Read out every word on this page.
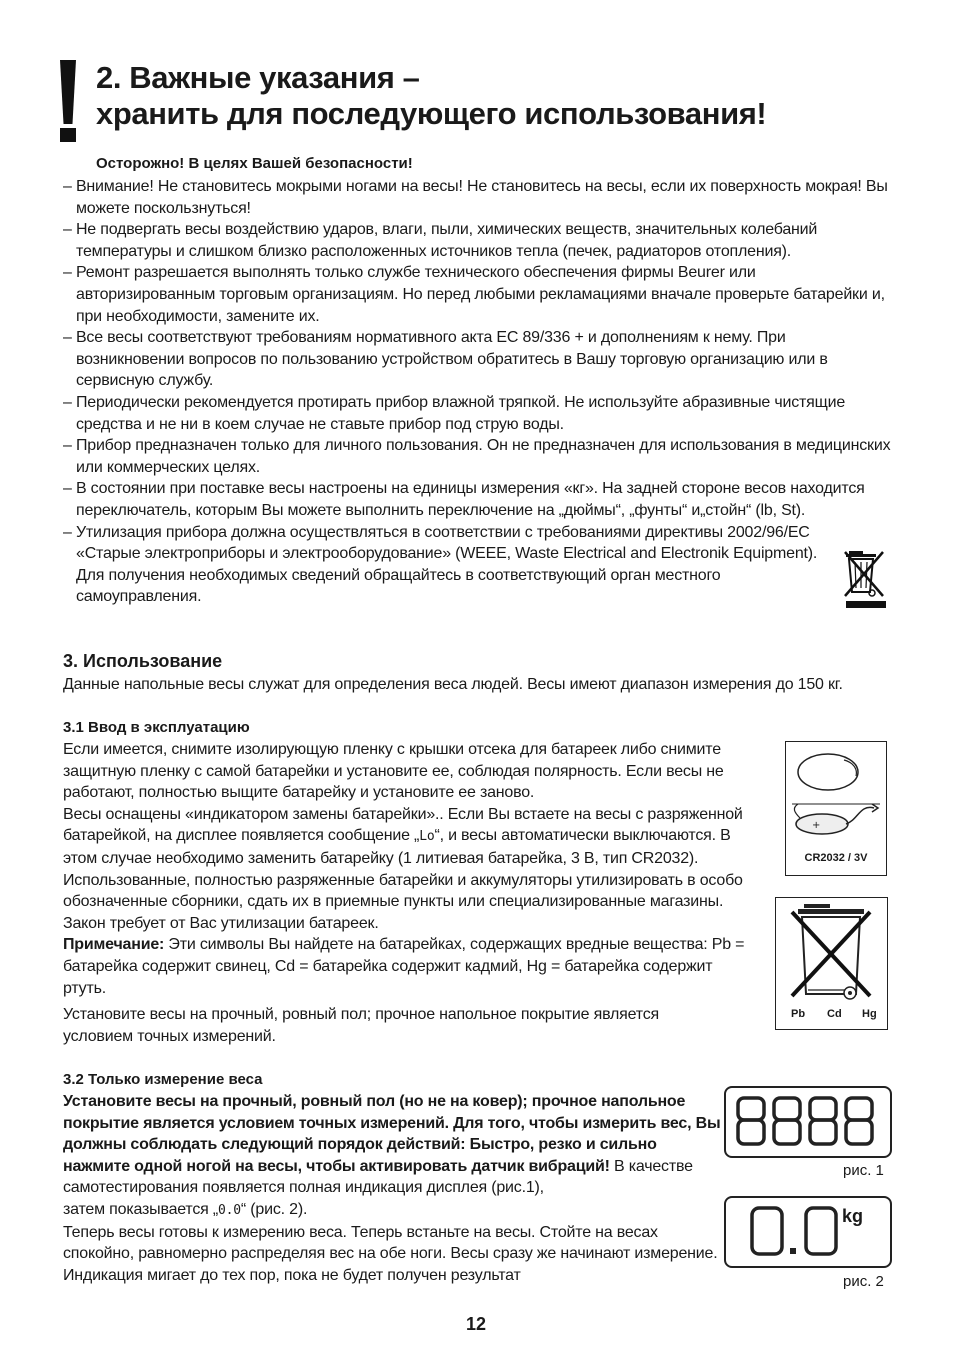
2. Важные указания –
хранить для последующего использования!
Осторожно! В целях Вашей безопасности!
– Внимание! Не становитесь мокрыми ногами на весы! Не становитесь на весы, если их поверхность мокрая! Вы можете поскользнуться!
– Не подвергать весы воздействию ударов, влаги, пыли, химических веществ, значительных колебаний температуры и слишком близко расположенных источников тепла (печек, радиаторов отопления).
– Ремонт разрешается выполнять только службе технического обеспечения фирмы Beurer или авторизированным торговым организациям. Но перед любыми рекламациями вначале проверьте батарейки и, при необходимости, замените их.
– Все весы соответствуют требованиям нормативного акта ЕС 89/336 + и дополнениям к нему. При возникновении вопросов по пользованию устройством обратитесь в Вашу торговую организацию или в сервисную службу.
– Периодически рекомендуется протирать прибор влажной тряпкой. Не используйте абразивные чистящие средства и не ни в коем случае не ставьте прибор под струю воды.
– Прибор предназначен только для личного пользования. Он не предназначен для использования в медицинских или коммерческих целях.
– В состоянии при поставке весы настроены на единицы измерения «кг». На задней стороне весов находится переключатель, которым Вы можете выполнить переключение на „дюймы“, „фунты“ и„стойн“ (lb, St).
– Утилизация прибора должна осуществляться в соответствии с требованиями директивы 2002/96/EC «Старые электроприборы и электрооборудование» (WEEE, Waste Electrical and Electronik Equipment). Для получения необходимых сведений обращайтесь в соответствующий орган местного самоуправления.
3. Использование
Данные напольные весы служат для определения веса людей. Весы имеют диапазон измерения до 150 кг.
3.1 Ввод в эксплуатацию
Если имеется, снимите изолирующую пленку с крышки отсека для батареек либо снимите защитную пленку с самой батарейки и установите ее, соблюдая полярность. Если весы не работают, полностью выщите батарейку и установите ее заново.
Весы оснащены «индикатором замены батарейки».. Если Вы встаете на весы с разряженной батарейкой, на дисплее появляется сообщение „Lo“, и весы автоматически выключаются. В этом случае необходимо заменить батарейку (1 литиевая батарейка, 3 В, тип CR2032). Использованные, полностью разряженные батарейки и аккумуляторы утилизировать в особо обозначенные сборники, сдать их в приемные пункты или специализированные магазины. Закон требует от Вас утилизации батареек.
Примечание: Эти символы Вы найдете на батарейках, содержащих вредные вещества: Pb = батарейка содержит свинец, Cd = батарейка содержит кадмий, Hg = батарейка содержит ртуть.
Установите весы на прочный, ровный пол; прочное напольное покрытие является условием точных измерений.
+
CR2032 / 3V
Pb Cd Hg
3.2 Только измерение веса
Установите весы на прочный, ровный пол (но не на ковер); прочное напольное покрытие является условием точных измерений. Для того, чтобы измерить вес, Вы должны соблюдать следующий порядок действий: Быстро, резко и сильно нажмите одной ногой на весы, чтобы активировать датчик вибраций! В качестве самотестирования появляется полная индикация дисплея (рис.1),
затем показывается „0.0“ (рис. 2).
Теперь весы готовы к измерению веса. Теперь встаньте на весы. Стойте на весах спокойно, равномерно распределяя вес на обе ноги. Весы сразу же начинают измерение. Индикация мигает до тех пор, пока не будет получен результат
рис. 1
kg
рис. 2
12
